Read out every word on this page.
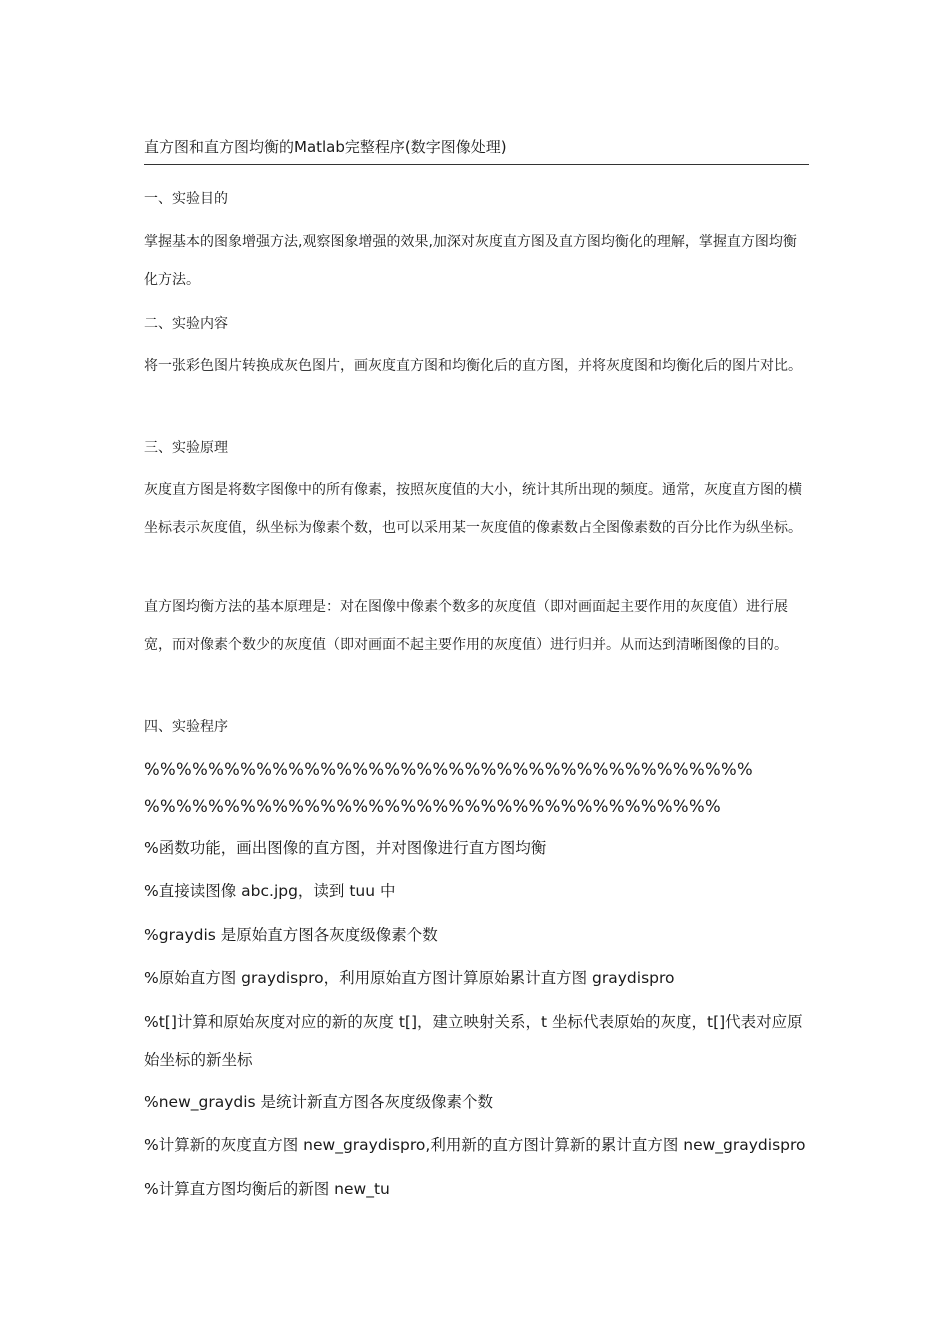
直方图和直方图均衡的Matlab完整程序(数字图像处理)

一、实验目的

掌握基本的图象增强方法,观察图象增强的效果,加深对灰度直方图及直方图均衡化的理解，掌握直方图均衡化方法。

二、实验内容

将一张彩色图片转换成灰色图片，画灰度直方图和均衡化后的直方图，并将灰度图和均衡化后的图片对比。

三、实验原理

灰度直方图是将数字图像中的所有像素，按照灰度值的大小，统计其所出现的频度。通常，灰度直方图的横坐标表示灰度值，纵坐标为像素个数，也可以采用某一灰度值的像素数占全图像素数的百分比作为纵坐标。

直方图均衡方法的基本原理是：对在图像中像素个数多的灰度值（即对画面起主要作用的灰度值）进行展宽，而对像素个数少的灰度值（即对画面不起主要作用的灰度值）进行归并。从而达到清晰图像的目的。

四、实验程序

%%%%%%%%%%%%%%%%%%%%%%%%%%%%%%%%%%%%%%

%%%%%%%%%%%%%%%%%%%%%%%%%%%%%%%%%%%%

%函数功能，画出图像的直方图，并对图像进行直方图均衡

%直接读图像 abc.jpg，读到 tuu 中

%graydis 是原始直方图各灰度级像素个数

%原始直方图 graydispro，利用原始直方图计算原始累计直方图 graydispro

%t[]计算和原始灰度对应的新的灰度 t[]，建立映射关系，t 坐标代表原始的灰度，t[]代表对应原始坐标的新坐标

%new_graydis 是统计新直方图各灰度级像素个数

%计算新的灰度直方图 new_graydispro,利用新的直方图计算新的累计直方图 new_graydispro

%计算直方图均衡后的新图 new_tu
